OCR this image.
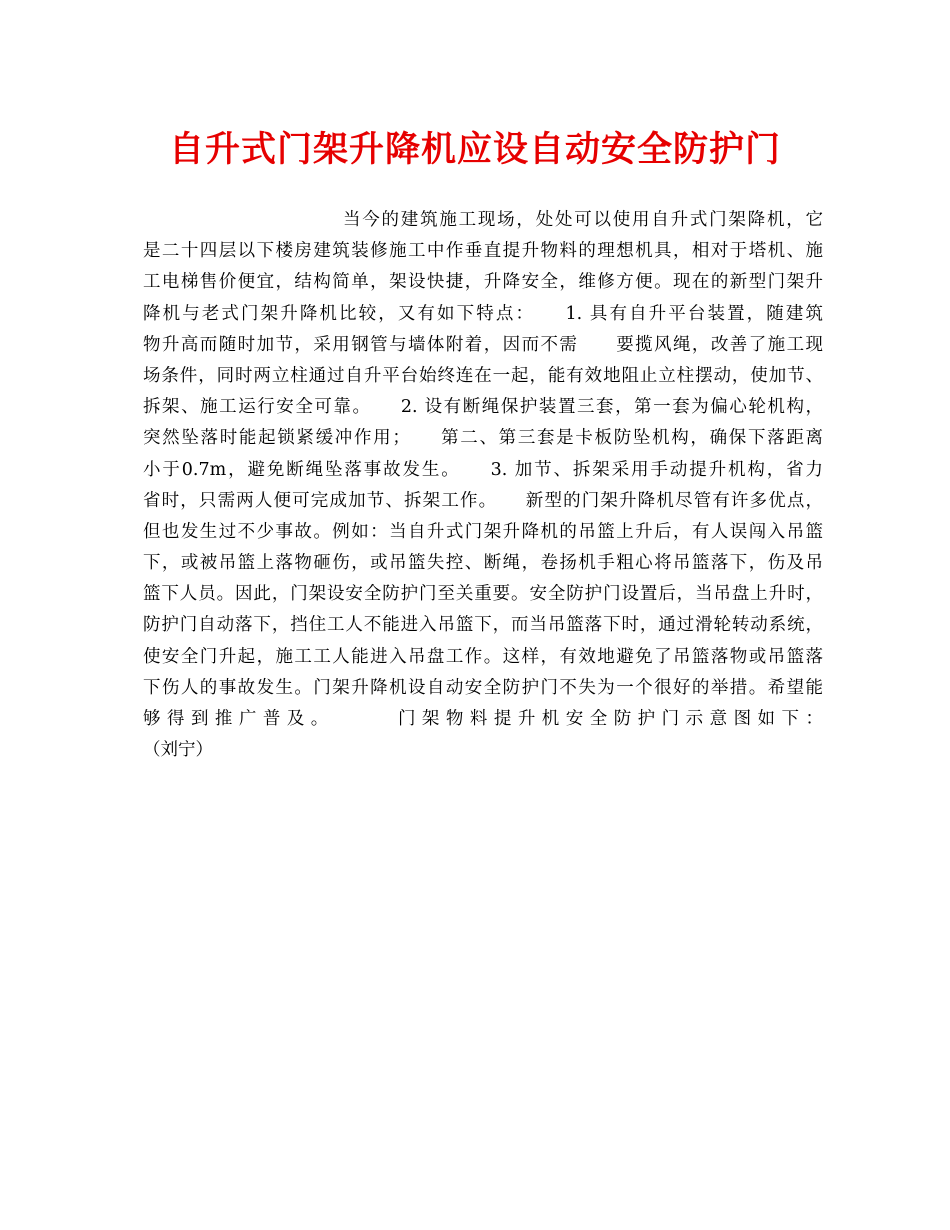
自升式门架升降机应设自动安全防护门
当今的建筑施工现场，处处可以使用自升式门架降机，它
是二十四层以下楼房建筑装修施工中作垂直提升物料的理想机具，相对于塔机、施
工电梯售价便宜，结构简单，架设快捷，升降安全，维修方便。现在的新型门架升
降机与老式门架升降机比较，又有如下特点：　　1. 具有自升平台装置，随建筑
物升高而随时加节，采用钢管与墙体附着，因而不需　　要揽风绳，改善了施工现
场条件，同时两立柱通过自升平台始终连在一起，能有效地阻止立柱摆动，使加节、
拆架、施工运行安全可靠。　　2. 设有断绳保护装置三套，第一套为偏心轮机构，
突然坠落时能起锁紧缓冲作用；　　第二、第三套是卡板防坠机构，确保下落距离
小于0.7m，避免断绳坠落事故发生。　　3. 加节、拆架采用手动提升机构，省力
省时，只需两人便可完成加节、拆架工作。　　新型的门架升降机尽管有许多优点，
但也发生过不少事故。例如：当自升式门架升降机的吊篮上升后，有人误闯入吊篮
下，或被吊篮上落物砸伤，或吊篮失控、断绳，卷扬机手粗心将吊篮落下，伤及吊
篮下人员。因此，门架设安全防护门至关重要。安全防护门设置后，当吊盘上升时，
防护门自动落下，挡住工人不能进入吊篮下，而当吊篮落下时，通过滑轮转动系统，
使安全门升起，施工工人能进入吊盘工作。这样，有效地避免了吊篮落物或吊篮落
下伤人的事故发生。门架升降机设自动安全防护门不失为一个很好的举措。希望能
够得到推广普及。　　　门架物料提升机安全防护门示意图如下：
（刘宁）
